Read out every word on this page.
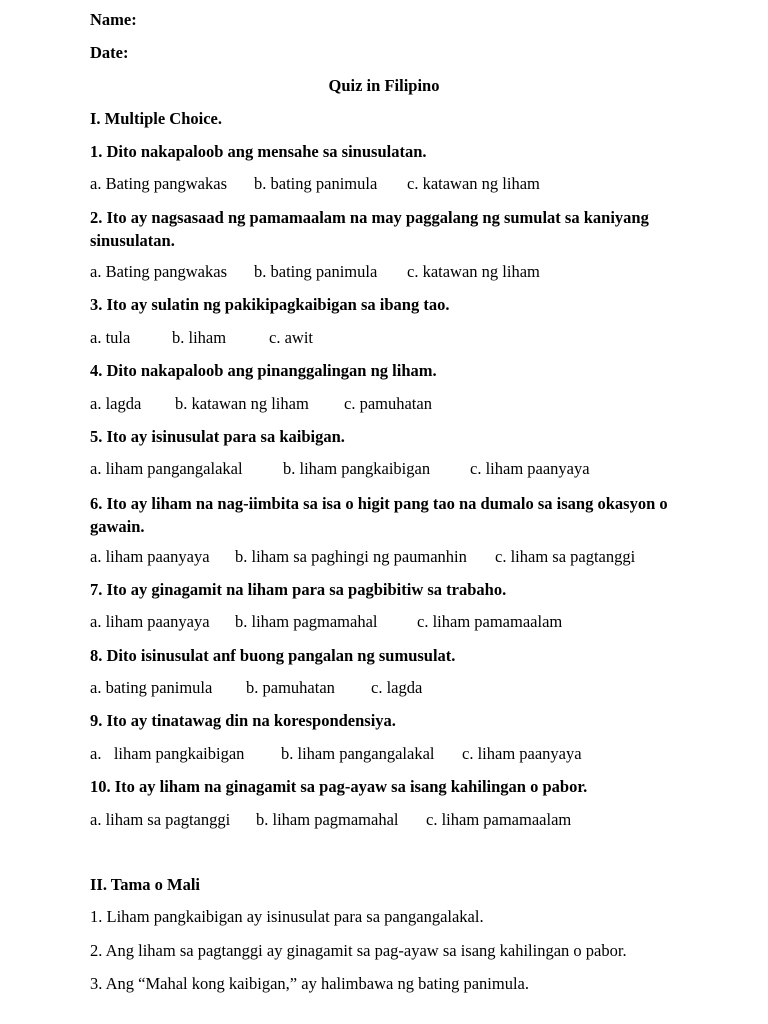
Name:
Date:
Quiz in Filipino
I. Multiple Choice.
1. Dito nakapaloob ang mensahe sa sinusulatan.
a. Bating pangwakas b. bating panimula c. katawan ng liham
2. Ito ay nagsasaad ng pamamaalam na may paggalang ng sumulat sa kaniyang sinusulatan.
a. Bating pangwakas b. bating panimula c. katawan ng liham
3. Ito ay sulatin ng pakikipagkaibigan sa ibang tao.
a. tula	b. liham	c. awit
4. Dito nakapaloob ang pinanggalingan ng liham.
a. lagda b. katawan ng liham c. pamuhatan
5. Ito ay isinusulat para sa kaibigan.
a. liham pangangalakal b. liham pangkaibigan c. liham paanyaya
6. Ito ay liham na nag-iimbita sa isa o higit pang tao na dumalo sa isang okasyon o gawain.
a. liham paanyaya b. liham sa paghingi ng paumanhin c. liham sa pagtanggi
7. Ito ay ginagamit na liham para sa pagbibitiw sa trabaho.
a. liham paanyaya b. liham pagmamahal c. liham pamamaalam
8. Dito isinusulat anf buong pangalan ng sumusulat.
a. bating panimula b. pamuhatan c. lagda
9. Ito ay tinatawag din na korespondensiya.
a.   liham pangkaibigan b. liham pangangalakal c. liham paanyaya
10. Ito ay liham na ginagamit sa pag-ayaw sa isang kahilingan o pabor.
a. liham sa pagtanggi b. liham pagmamahal c. liham pamamaalam
II. Tama o Mali
1. Liham pangkaibigan ay isinusulat para sa pangangalakal.
2. Ang liham sa pagtanggi ay ginagamit sa pag-ayaw sa isang kahilingan o pabor.
3. Ang “Mahal kong kaibigan,” ay halimbawa ng bating panimula.
